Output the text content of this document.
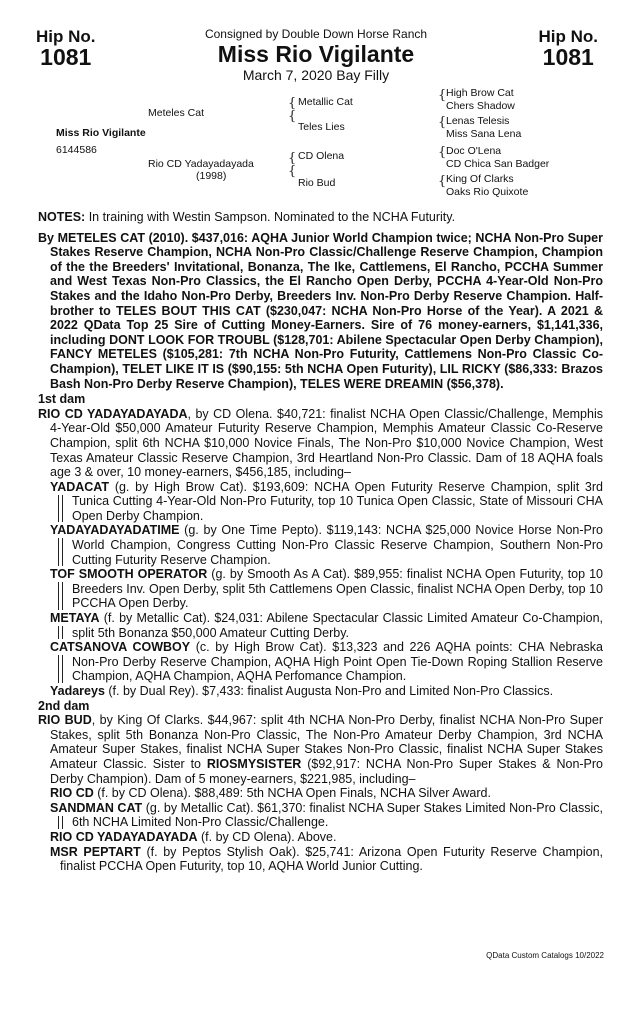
Hip No.
1081
Hip No.
1081
Consigned by Double Down Horse Ranch
Miss Rio Vigilante
March 7, 2020 Bay Filly
Miss Rio Vigilante
6144586
Meteles Cat
Rio CD Yadayadayada
(1998)
{
{
Metallic Cat
Teles Lies
{
{
CD Olena
Rio Bud
{ High Brow Cat
Chers Shadow
{ Lenas Telesis
Miss Sana Lena
{ Doc O'Lena
CD Chica San Badger
{ King Of Clarks
Oaks Rio Quixote
NOTES: In training with Westin Sampson. Nominated to the NCHA Futurity.
By METELES CAT (2010). $437,016: AQHA Junior World Champion twice; NCHA Non-Pro Super Stakes Reserve Champion, NCHA Non-Pro Classic/Challenge Reserve Champion, Champion of the the Breeders' Invitational, Bonanza, The Ike, Cattlemens, El Rancho, PCCHA Summer and West Texas Non-Pro Classics, the El Rancho Open Derby, PCCHA 4-Year-Old Non-Pro Stakes and the Idaho Non-Pro Derby, Breeders Inv. Non-Pro Derby Reserve Champion. Half-brother to TELES BOUT THIS CAT ($230,047: NCHA Non-Pro Horse of the Year). A 2021 & 2022 QData Top 25 Sire of Cutting Money-Earners. Sire of 76 money-earners, $1,141,336, including DONT LOOK FOR TROUBL ($128,701: Abilene Spectacular Open Derby Champion), FANCY METELES ($105,281: 7th NCHA Non-Pro Futurity, Cattlemens Non-Pro Classic Co-Champion), TELET LIKE IT IS ($90,155: 5th NCHA Open Futurity), LIL RICKY ($86,333: Brazos Bash Non-Pro Derby Reserve Champion), TELES WERE DREAMIN ($56,378).
1st dam
RIO CD YADAYADAYADA, by CD Olena. $40,721: finalist NCHA Open Classic/Challenge, Memphis 4-Year-Old $50,000 Amateur Futurity Reserve Champion, Memphis Amateur Classic Co-Reserve Champion, split 6th NCHA $10,000 Novice Finals, The Non-Pro $10,000 Novice Champion, West Texas Amateur Classic Reserve Champion, 3rd Heartland Non-Pro Classic. Dam of 18 AQHA foals age 3 & over, 10 money-earners, $456,185, including–
YADACAT (g. by High Brow Cat). $193,609: NCHA Open Futurity Reserve Champion, split 3rd Tunica Cutting 4-Year-Old Non-Pro Futurity, top 10 Tunica Open Classic, State of Missouri CHA Open Derby Champion.
YADAYADAYADATIME (g. by One Time Pepto). $119,143: NCHA $25,000 Novice Horse Non-Pro World Champion, Congress Cutting Non-Pro Classic Reserve Champion, Southern Non-Pro Cutting Futurity Reserve Champion.
TOF SMOOTH OPERATOR (g. by Smooth As A Cat). $89,955: finalist NCHA Open Futurity, top 10 Breeders Inv. Open Derby, split 5th Cattlemens Open Classic, finalist NCHA Open Derby, top 10 PCCHA Open Derby.
METAYA (f. by Metallic Cat). $24,031: Abilene Spectacular Classic Limited Amateur Co-Champion, split 5th Bonanza $50,000 Amateur Cutting Derby.
CATSANOVA COWBOY (c. by High Brow Cat). $13,323 and 226 AQHA points: CHA Nebraska Non-Pro Derby Reserve Champion, AQHA High Point Open Tie-Down Roping Stallion Reserve Champion, AQHA Champion, AQHA Perfomance Champion.
Yadareys (f. by Dual Rey). $7,433: finalist Augusta Non-Pro and Limited Non-Pro Classics.
2nd dam
RIO BUD, by King Of Clarks. $44,967: split 4th NCHA Non-Pro Derby, finalist NCHA Non-Pro Super Stakes, split 5th Bonanza Non-Pro Classic, The Non-Pro Amateur Derby Champion, 3rd NCHA Amateur Super Stakes, finalist NCHA Super Stakes Non-Pro Classic, finalist NCHA Super Stakes Amateur Classic. Sister to RIOSMYSISTER ($92,917: NCHA Non-Pro Super Stakes & Non-Pro Derby Champion). Dam of 5 money-earners, $221,985, including–
RIO CD (f. by CD Olena). $88,489: 5th NCHA Open Finals, NCHA Silver Award.
SANDMAN CAT (g. by Metallic Cat). $61,370: finalist NCHA Super Stakes Limited Non-Pro Classic, 6th NCHA Limited Non-Pro Classic/Challenge.
RIO CD YADAYADAYADA (f. by CD Olena). Above.
MSR PEPTART (f. by Peptos Stylish Oak). $25,741: Arizona Open Futurity Reserve Champion, finalist PCCHA Open Futurity, top 10, AQHA World Junior Cutting.
QData Custom Catalogs 10/2022
